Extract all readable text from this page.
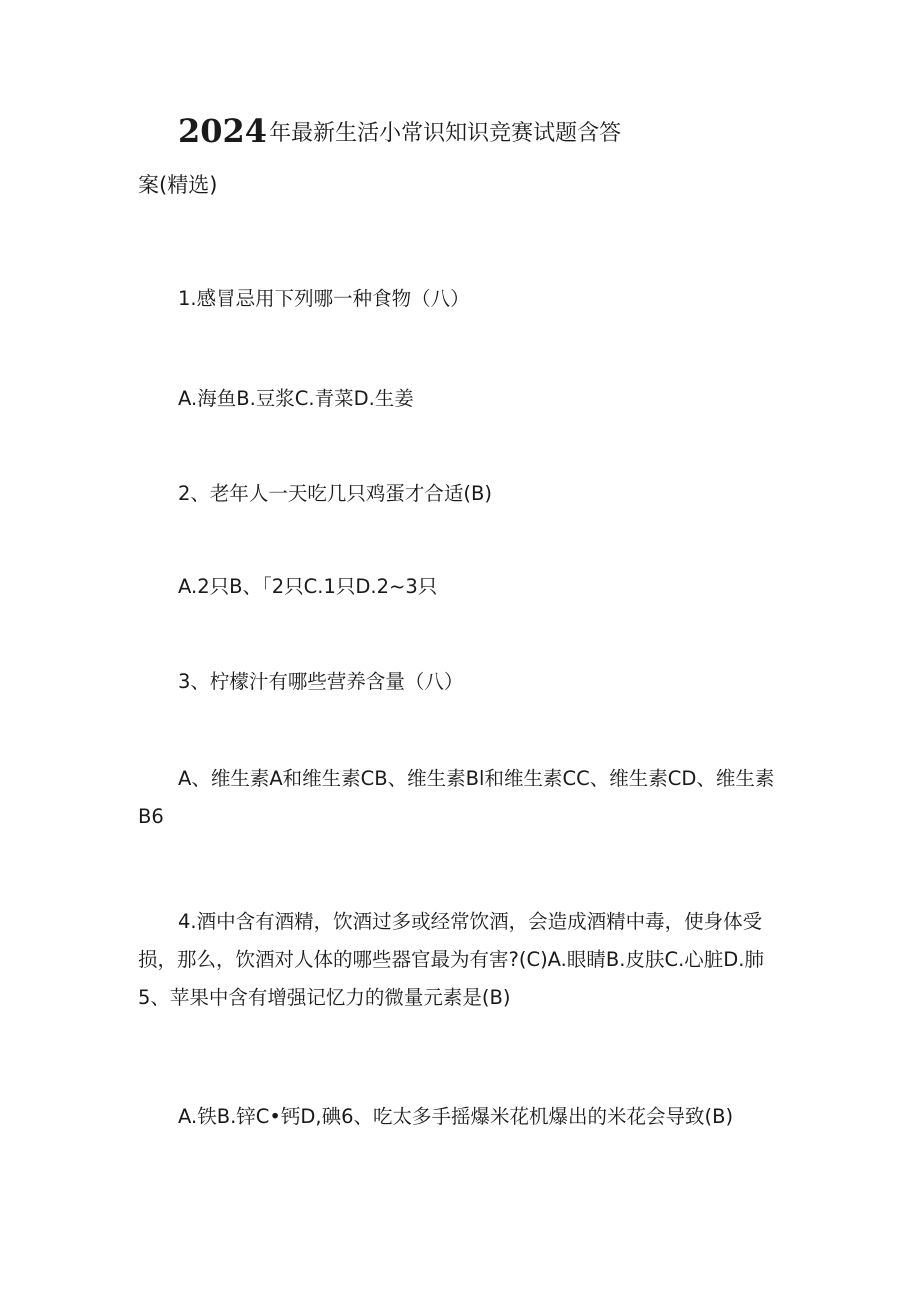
2024年最新生活小常识知识竞赛试题含答
案(精选)

1.感冒忌用下列哪一种食物（八）

A.海鱼B.豆浆C.青菜D.生姜

2、老年人一天吃几只鸡蛋才合适(B)

A.2只B、「2只C.1只D.2~3只

3、柠檬汁有哪些营养含量（八）

A、维生素A和维生素CB、维生素Bl和维生素CC、维生素CD、维生素B6

4.酒中含有酒精，饮酒过多或经常饮酒，会造成酒精中毒，使身体受损，那么，饮酒对人体的哪些器官最为有害?(C)A.眼睛B.皮肤C.心脏D.肺5、苹果中含有增强记忆力的微量元素是(B)

A.铁B.锌C•钙D,碘6、吃太多手摇爆米花机爆出的米花会导致(B)
